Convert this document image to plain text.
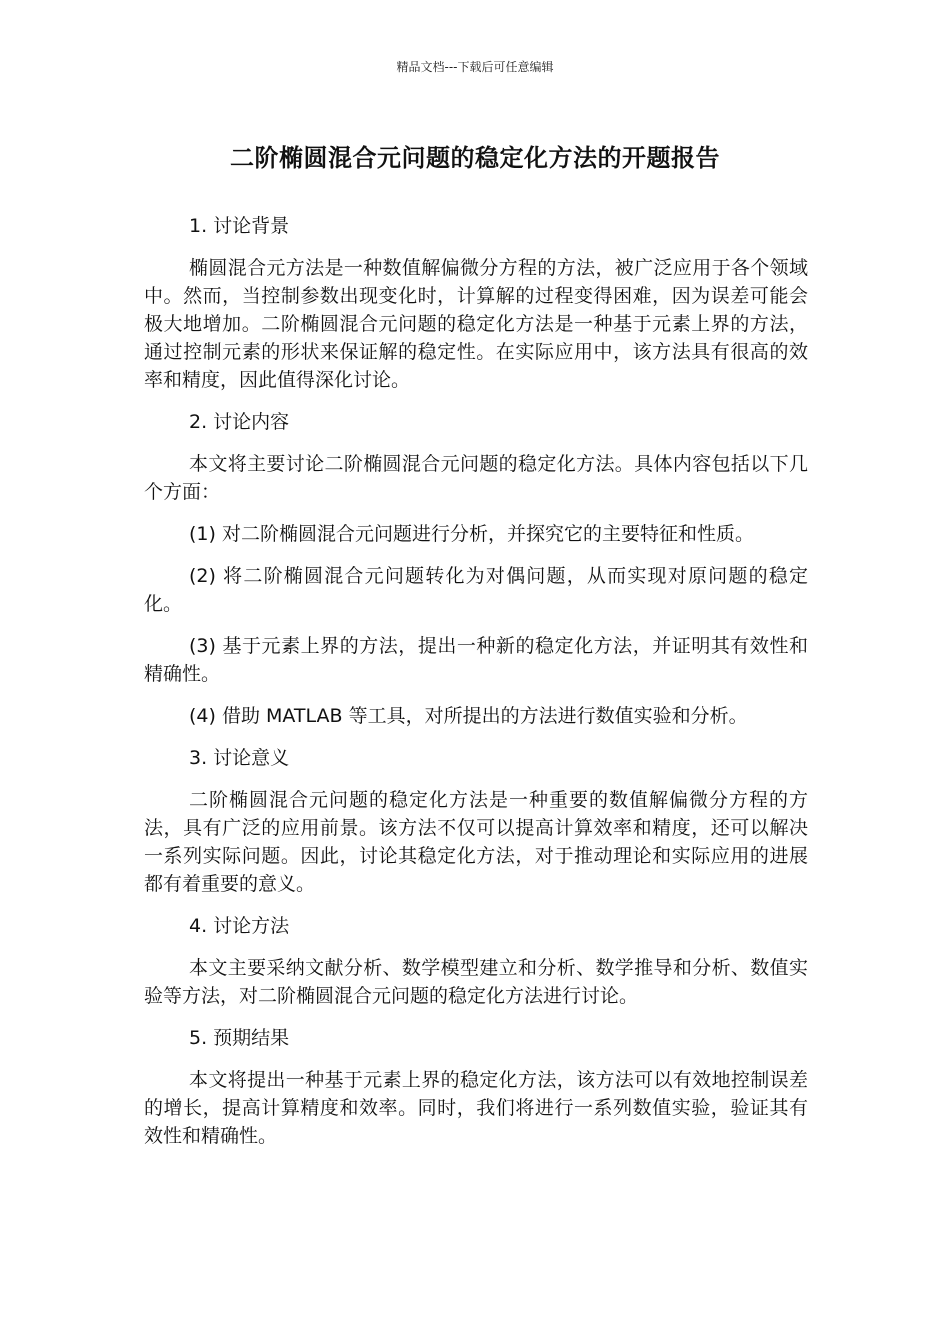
精品文档---下载后可任意编辑
二阶椭圆混合元问题的稳定化方法的开题报告

1. 讨论背景

椭圆混合元方法是一种数值解偏微分方程的方法，被广泛应用于各个领域中。然而，当控制参数出现变化时，计算解的过程变得困难，因为误差可能会极大地增加。二阶椭圆混合元问题的稳定化方法是一种基于元素上界的方法，通过控制元素的形状来保证解的稳定性。在实际应用中，该方法具有很高的效率和精度，因此值得深化讨论。

2. 讨论内容

本文将主要讨论二阶椭圆混合元问题的稳定化方法。具体内容包括以下几个方面：

(1) 对二阶椭圆混合元问题进行分析，并探究它的主要特征和性质。

(2) 将二阶椭圆混合元问题转化为对偶问题，从而实现对原问题的稳定化。

(3) 基于元素上界的方法，提出一种新的稳定化方法，并证明其有效性和精确性。

(4) 借助 MATLAB 等工具，对所提出的方法进行数值实验和分析。

3. 讨论意义

二阶椭圆混合元问题的稳定化方法是一种重要的数值解偏微分方程的方法，具有广泛的应用前景。该方法不仅可以提高计算效率和精度，还可以解决一系列实际问题。因此，讨论其稳定化方法，对于推动理论和实际应用的进展都有着重要的意义。

4. 讨论方法

本文主要采纳文献分析、数学模型建立和分析、数学推导和分析、数值实验等方法，对二阶椭圆混合元问题的稳定化方法进行讨论。

5. 预期结果

本文将提出一种基于元素上界的稳定化方法，该方法可以有效地控制误差的增长，提高计算精度和效率。同时，我们将进行一系列数值实验，验证其有效性和精确性。
